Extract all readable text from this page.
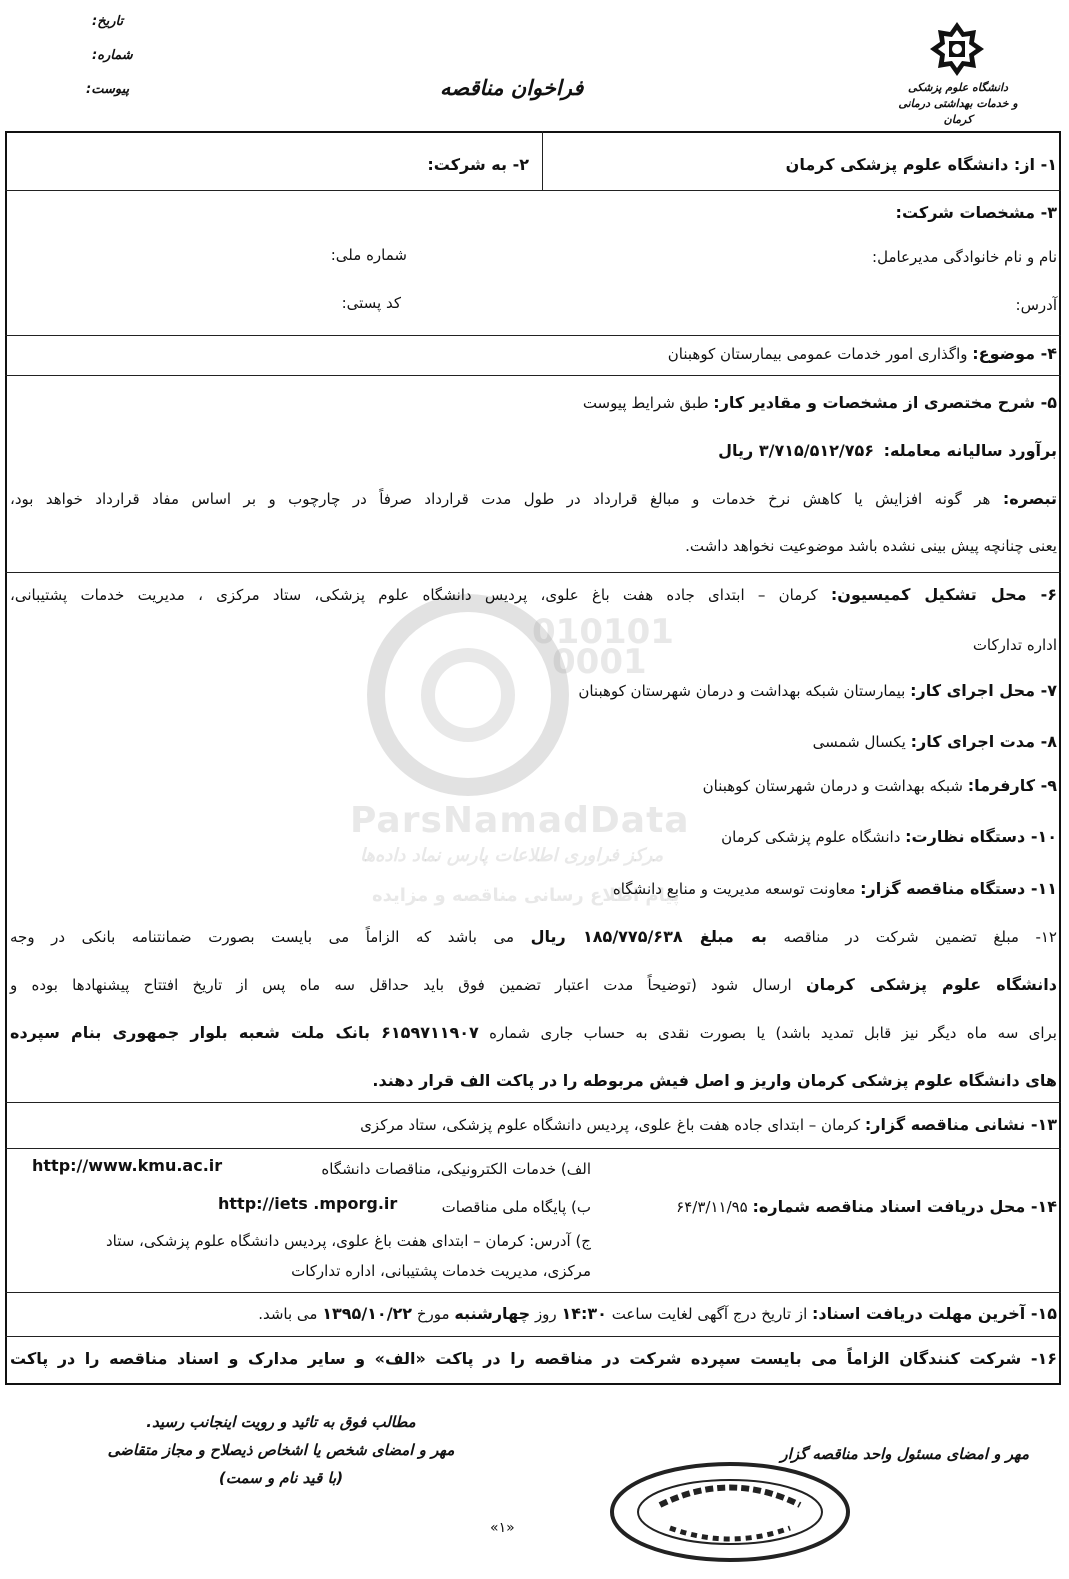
تاریخ:
شماره:
پیوست:	فراخوان مناقصه	دانشگاه علوم پزشکی
و خدمات بهداشتی درمانی کرمان
010101
0001
ParsNamadData
مرکز فراوری اطلاعات پارس نماد داده‌ها
پیام اطلاع رسانی مناقصه و مزایده
۱- از: دانشگاه علوم پزشکی کرمان
۲- به شرکت:
۳- مشخصات شرکت:
نام و نام خانوادگی مدیرعامل:
شماره ملی:
آدرس:
کد پستی:
۴- موضوع: واگذاری امور خدمات عمومی بیمارستان کوهبنان
۵- شرح مختصری از مشخصات و مقادیر کار: طبق شرایط پیوست
برآورد سالیانه معامله:  ۳/۷۱۵/۵۱۲/۷۵۶ ریال
تبصره: هر گونه افزایش یا کاهش نرخ خدمات و مبالغ قرارداد در طول مدت قرارداد صرفاً در چارچوب و بر اساس مفاد قرارداد خواهد بود،
یعنی چنانچه پیش بینی نشده باشد موضوعیت نخواهد داشت.
۶- محل تشکیل کمیسیون: کرمان – ابتدای جاده هفت باغ علوی، پردیس دانشگاه علوم پزشکی، ستاد مرکزی ، مدیریت خدمات پشتیبانی،
اداره تدارکات
۷- محل اجرای کار: بیمارستان شبکه بهداشت و درمان شهرستان کوهبنان
۸- مدت اجرای کار: یکسال شمسی
۹- کارفرما: شبکه بهداشت و درمان شهرستان کوهبنان
۱۰- دستگاه نظارت: دانشگاه علوم پزشکی کرمان
۱۱- دستگاه مناقصه گزار: معاونت توسعه مدیریت و منابع دانشگاه
۱۲- مبلغ تضمین شرکت در مناقصه به مبلغ ۱۸۵/۷۷۵/۶۳۸ ریال می باشد که الزاماً می بایست بصورت ضمانتنامه بانکی در وجه
دانشگاه علوم پزشکی کرمان ارسال شود (توضیحاً مدت اعتبار تضمین فوق باید حداقل سه ماه پس از تاریخ افتتاح پیشنهادها بوده و
برای سه ماه دیگر نیز قابل تمدید باشد) یا بصورت نقدی به حساب جاری شماره ۶۱۵۹۷۱۱۹۰۷ بانک ملت شعبه بلوار جمهوری بنام سپرده
های دانشگاه علوم پزشکی کرمان واریز و اصل فیش مربوطه را در پاکت الف قرار دهند.
۱۳- نشانی مناقصه گزار: کرمان – ابتدای جاده هفت باغ علوی، پردیس دانشگاه علوم پزشکی، ستاد مرکزی
۱۴- محل دریافت اسناد مناقصه شماره: ۶۴/۳/۱۱/۹۵
الف) خدمات الکترونیکی، مناقصات دانشگاه
http://www.kmu.ac.ir
ب) پایگاه ملی مناقصات
http://iets .mporg.ir
ج) آدرس: کرمان – ابتدای هفت باغ علوی، پردیس دانشگاه علوم پزشکی، ستاد
مرکزی، مدیریت خدمات پشتیبانی، اداره تدارکات
۱۵- آخرین مهلت دریافت اسناد: از تاریخ درج آگهی لغایت ساعت ۱۴:۳۰ روز چهارشنبه مورخ ۱۳۹۵/۱۰/۲۲ می باشد.
۱۶- شرکت کنندگان الزاماً می بایست سپرده شرکت در مناقصه را در پاکت «الف» و سایر مدارک و اسناد مناقصه را در پاکت
مطالب فوق به تائید و رویت اینجانب رسید.
مهر و امضای شخص یا اشخاص ذیصلاح و مجاز متقاضی
(با قید نام و سمت)
مهر و امضای مسئول واحد مناقصه گزار
«۱»
